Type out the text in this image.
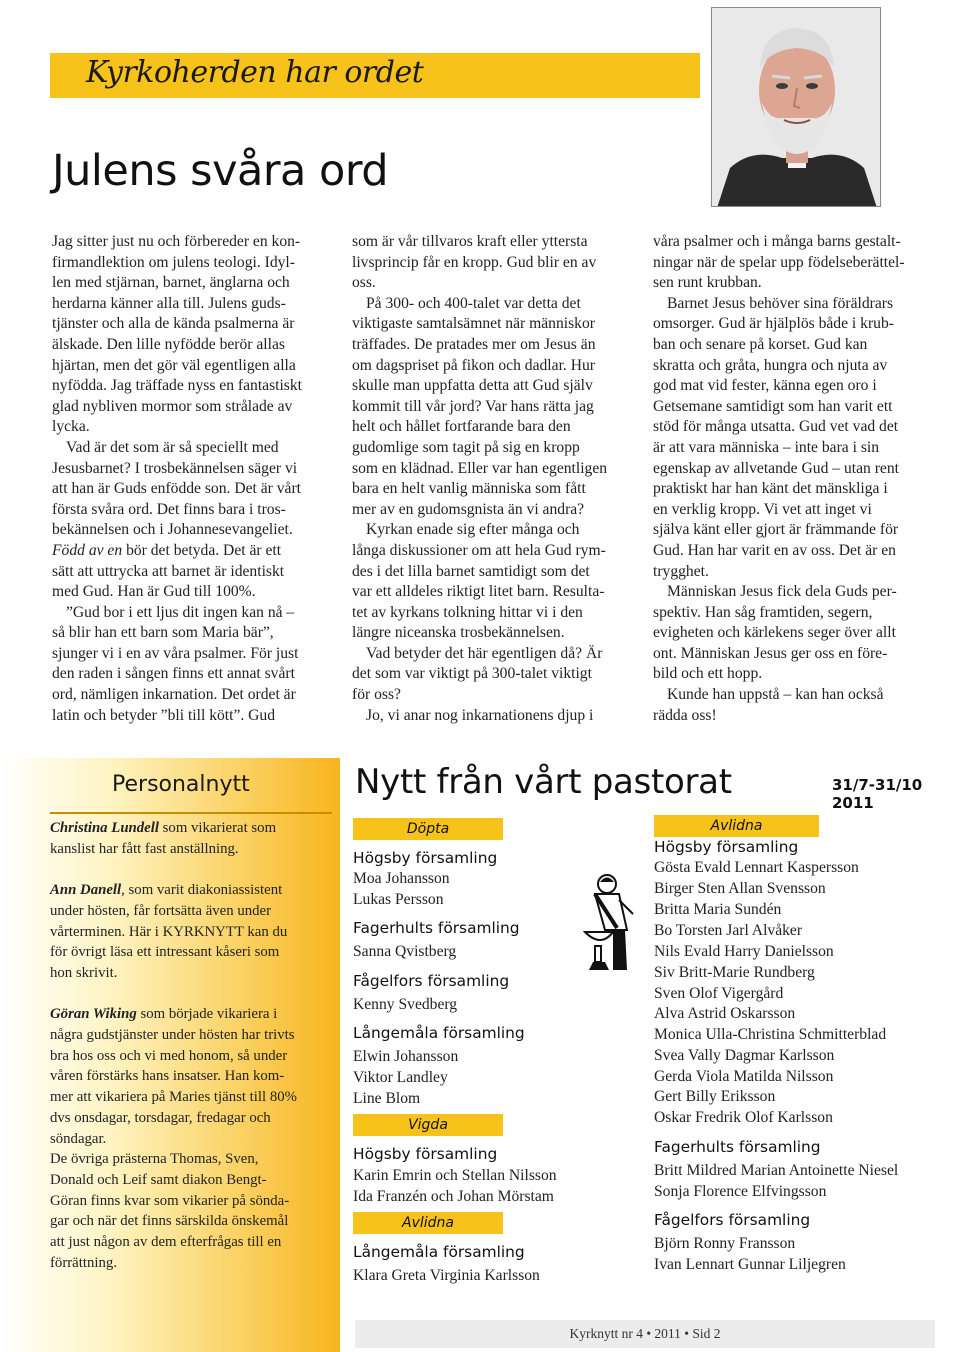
Kyrkoherden har ordet
Julens svåra ord
Jag sitter just nu och förbereder en kon-
firmandlektion om julens teologi. Idyl-
len med stjärnan, barnet, änglarna och
herdarna känner alla till. Julens guds-
tjänster och alla de kända psalmerna är
älskade. Den lille nyfödde berör allas
hjärtan, men det gör väl egentligen alla
nyfödda. Jag träffade nyss en fantastiskt
glad nybliven mormor som strålade av
lycka.
Vad är det som är så speciellt med
Jesusbarnet? I trosbekännelsen säger vi
att han är Guds enfödde son. Det är vårt
första svåra ord. Det finns bara i tros-
bekännelsen och i Johannesevangeliet.
Född av en bör det betyda. Det är ett
sätt att uttrycka att barnet är identiskt
med Gud. Han är Gud till 100%.
”Gud bor i ett ljus dit ingen kan nå –
så blir han ett barn som Maria bär”,
sjunger vi i en av våra psalmer. För just
den raden i sången finns ett annat svårt
ord, nämligen inkarnation. Det ordet är
latin och betyder ”bli till kött”. Gud
som är vår tillvaros kraft eller yttersta
livsprincip får en kropp. Gud blir en av
oss.
På 300- och 400-talet var detta det
viktigaste samtalsämnet när människor
träffades. De pratades mer om Jesus än
om dagspriset på fikon och dadlar. Hur
skulle man uppfatta detta att Gud själv
kommit till vår jord? Var hans rätta jag
helt och hållet fortfarande bara den
gudomlige som tagit på sig en kropp
som en klädnad. Eller var han egentligen
bara en helt vanlig människa som fått
mer av en gudomsgnista än vi andra?
Kyrkan enade sig efter många och
långa diskussioner om att hela Gud rym-
des i det lilla barnet samtidigt som det
var ett alldeles riktigt litet barn. Resulta-
tet av kyrkans tolkning hittar vi i den
längre niceanska trosbekännelsen.
Vad betyder det här egentligen då? Är
det som var viktigt på 300-talet viktigt
för oss?
Jo, vi anar nog inkarnationens djup i
våra psalmer och i många barns gestalt-
ningar när de spelar upp födelseberättel-
sen runt krubban.
Barnet Jesus behöver sina föräldrars
omsorger. Gud är hjälplös både i krub-
ban och senare på korset. Gud kan
skratta och gråta, hungra och njuta av
god mat vid fester, känna egen oro i
Getsemane samtidigt som han varit ett
stöd för många utsatta. Gud vet vad det
är att vara människa – inte bara i sin
egenskap av allvetande Gud – utan rent
praktiskt har han känt det mänskliga i
en verklig kropp. Vi vet att inget vi
själva känt eller gjort är främmande för
Gud. Han har varit en av oss. Det är en
trygghet.
Människan Jesus fick dela Guds per-
spektiv. Han såg framtiden, segern,
evigheten och kärlekens seger över allt
ont. Människan Jesus ger oss en före-
bild och ett hopp.
Kunde han uppstå – kan han också
rädda oss!
Personalnytt

Christina Lundell som vikarierat som
kanslist har fått fast anställning.

Ann Danell, som varit diakoniassistent
under hösten, får fortsätta även under
vårterminen. Här i KYRKNYTT kan du
för övrigt läsa ett intressant kåseri som
hon skrivit.

Göran Wiking som började vikariera i
några gudstjänster under hösten har trivts
bra hos oss och vi med honom, så under
våren förstärks hans insatser. Han kom-
mer att vikariera på Maries tjänst till 80%
dvs onsdagar, torsdagar, fredagar och
söndagar.

De övriga prästerna Thomas, Sven,
Donald och Leif samt diakon Bengt-
Göran finns kvar som vikarier på sönda-
gar och när det finns särskilda önskemål
att just någon av dem efterfrågas till en
förrättning.

Nytt från vårt pastorat	31/7-31/10 2011
Döpta
Högsby församling
Moa Johansson
Lukas Persson
Fagerhults församling
Sanna Qvistberg
Fågelfors församling
Kenny Svedberg
Långemåla församling
Elwin Johansson
Viktor Landley
Line Blom
Vigda
Högsby församling
Karin Emrin och Stellan Nilsson
Ida Franzén och Johan Mörstam
Avlidna
Långemåla församling
Klara Greta Virginia Karlsson
Avlidna
Högsby församling
Gösta Evald Lennart Kaspersson
Birger Sten Allan Svensson
Britta Maria Sundén
Bo Torsten Jarl Alvåker
Nils Evald Harry Danielsson
Siv Britt-Marie Rundberg
Sven Olof Vigergård
Alva Astrid Oskarsson
Monica Ulla-Christina Schmitterblad
Svea Vally Dagmar Karlsson
Gerda Viola Matilda Nilsson
Gert Billy Eriksson
Oskar Fredrik Olof Karlsson
Fagerhults församling
Britt Mildred Marian Antoinette Niesel
Sonja Florence Elfvingsson
Fågelfors församling
Björn Ronny Fransson
Ivan Lennart Gunnar Liljegren
Kyrknytt nr 4 • 2011 • Sid 2
